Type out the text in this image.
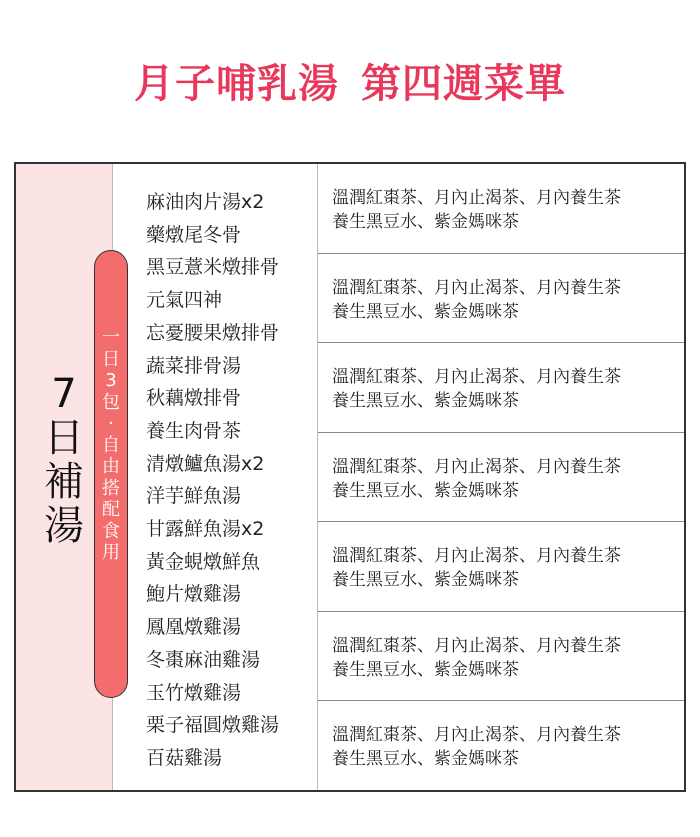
月子哺乳湯 第四週菜單
7
日
補
湯
一
日
3
包
·
自
由
搭
配
食
用
麻油肉片湯x2
藥燉尾冬骨
黑豆薏米燉排骨
元氣四神
忘憂腰果燉排骨
蔬菜排骨湯
秋藕燉排骨
養生肉骨茶
清燉鱸魚湯x2
洋芋鮮魚湯
甘露鮮魚湯x2
黃金蜆燉鮮魚
鮑片燉雞湯
鳳凰燉雞湯
冬棗麻油雞湯
玉竹燉雞湯
栗子福圓燉雞湯
百菇雞湯
溫潤紅棗茶、月內止渴茶、月內養生茶
養生黑豆水、紫金媽咪茶
溫潤紅棗茶、月內止渴茶、月內養生茶
養生黑豆水、紫金媽咪茶
溫潤紅棗茶、月內止渴茶、月內養生茶
養生黑豆水、紫金媽咪茶
溫潤紅棗茶、月內止渴茶、月內養生茶
養生黑豆水、紫金媽咪茶
溫潤紅棗茶、月內止渴茶、月內養生茶
養生黑豆水、紫金媽咪茶
溫潤紅棗茶、月內止渴茶、月內養生茶
養生黑豆水、紫金媽咪茶
溫潤紅棗茶、月內止渴茶、月內養生茶
養生黑豆水、紫金媽咪茶
